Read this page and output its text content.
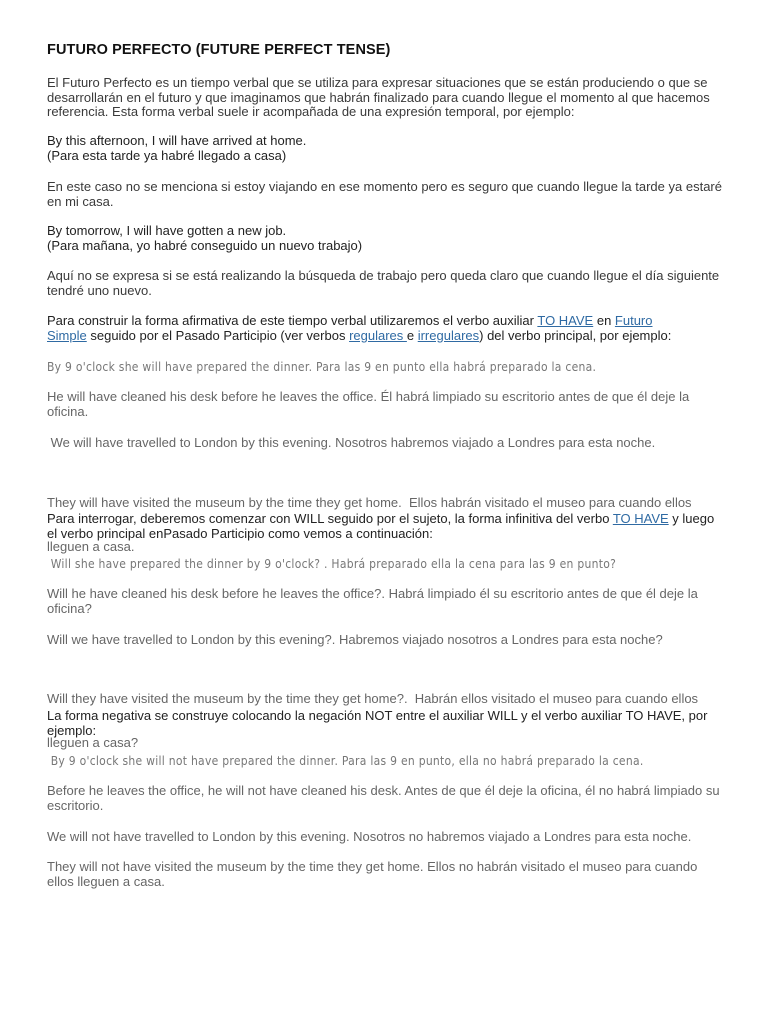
FUTURO PERFECTO (FUTURE PERFECT TENSE)
El Futuro Perfecto es un tiempo verbal que se utiliza para expresar situaciones que se están produciendo o que se
desarrollarán en el futuro y que imaginamos que habrán finalizado para cuando llegue el momento al que hacemos
referencia. Esta forma verbal suele ir acompañada de una expresión temporal, por ejemplo:
By this afternoon, I will have arrived at home.
(Para esta tarde ya habré llegado a casa)
En este caso no se menciona si estoy viajando en ese momento pero es seguro que cuando llegue la tarde ya estaré
en mi casa.
By tomorrow, I will have gotten a new job.
(Para mañana, yo habré conseguido un nuevo trabajo)
Aquí no se expresa si se está realizando la búsqueda de trabajo pero queda claro que cuando llegue el día siguiente
tendré uno nuevo.
Para construir la forma afirmativa de este tiempo verbal utilizaremos el verbo auxiliar TO HAVE en Futuro
Simple seguido por el Pasado Participio (ver verbos regulares e irregulares) del verbo principal, por ejemplo:
By 9 o'clock she will have prepared the dinner. Para las 9 en punto ella habrá preparado la cena.
He will have cleaned his desk before he leaves the office. Él habrá limpiado su escritorio antes de que él deje la
oficina.
We will have travelled to London by this evening. Nosotros habremos viajado a Londres para esta noche.

They will have visited the museum by the time they get home.  Ellos habrán visitado el museo para cuando ellos

lleguen a casa.

Para interrogar, deberemos comenzar con WILL seguido por el sujeto, la forma infinitiva del verbo TO HAVE y luego
el verbo principal enPasado Participio como vemos a continuación:
Will she have prepared the dinner by 9 o'clock? . Habrá preparado ella la cena para las 9 en punto?
Will he have cleaned his desk before he leaves the office?. Habrá limpiado él su escritorio antes de que él deje la
oficina?
Will we have travelled to London by this evening?. Habremos viajado nosotros a Londres para esta noche?

Will they have visited the museum by the time they get home?.  Habrán ellos visitado el museo para cuando ellos

lleguen a casa?

La forma negativa se construye colocando la negación NOT entre el auxiliar WILL y el verbo auxiliar TO HAVE, por
ejemplo:
By 9 o'clock she will not have prepared the dinner. Para las 9 en punto, ella no habrá preparado la cena.
Before he leaves the office, he will not have cleaned his desk. Antes de que él deje la oficina, él no habrá limpiado su
escritorio.
We will not have travelled to London by this evening. Nosotros no habremos viajado a Londres para esta noche.
They will not have visited the museum by the time they get home. Ellos no habrán visitado el museo para cuando
ellos lleguen a casa.
